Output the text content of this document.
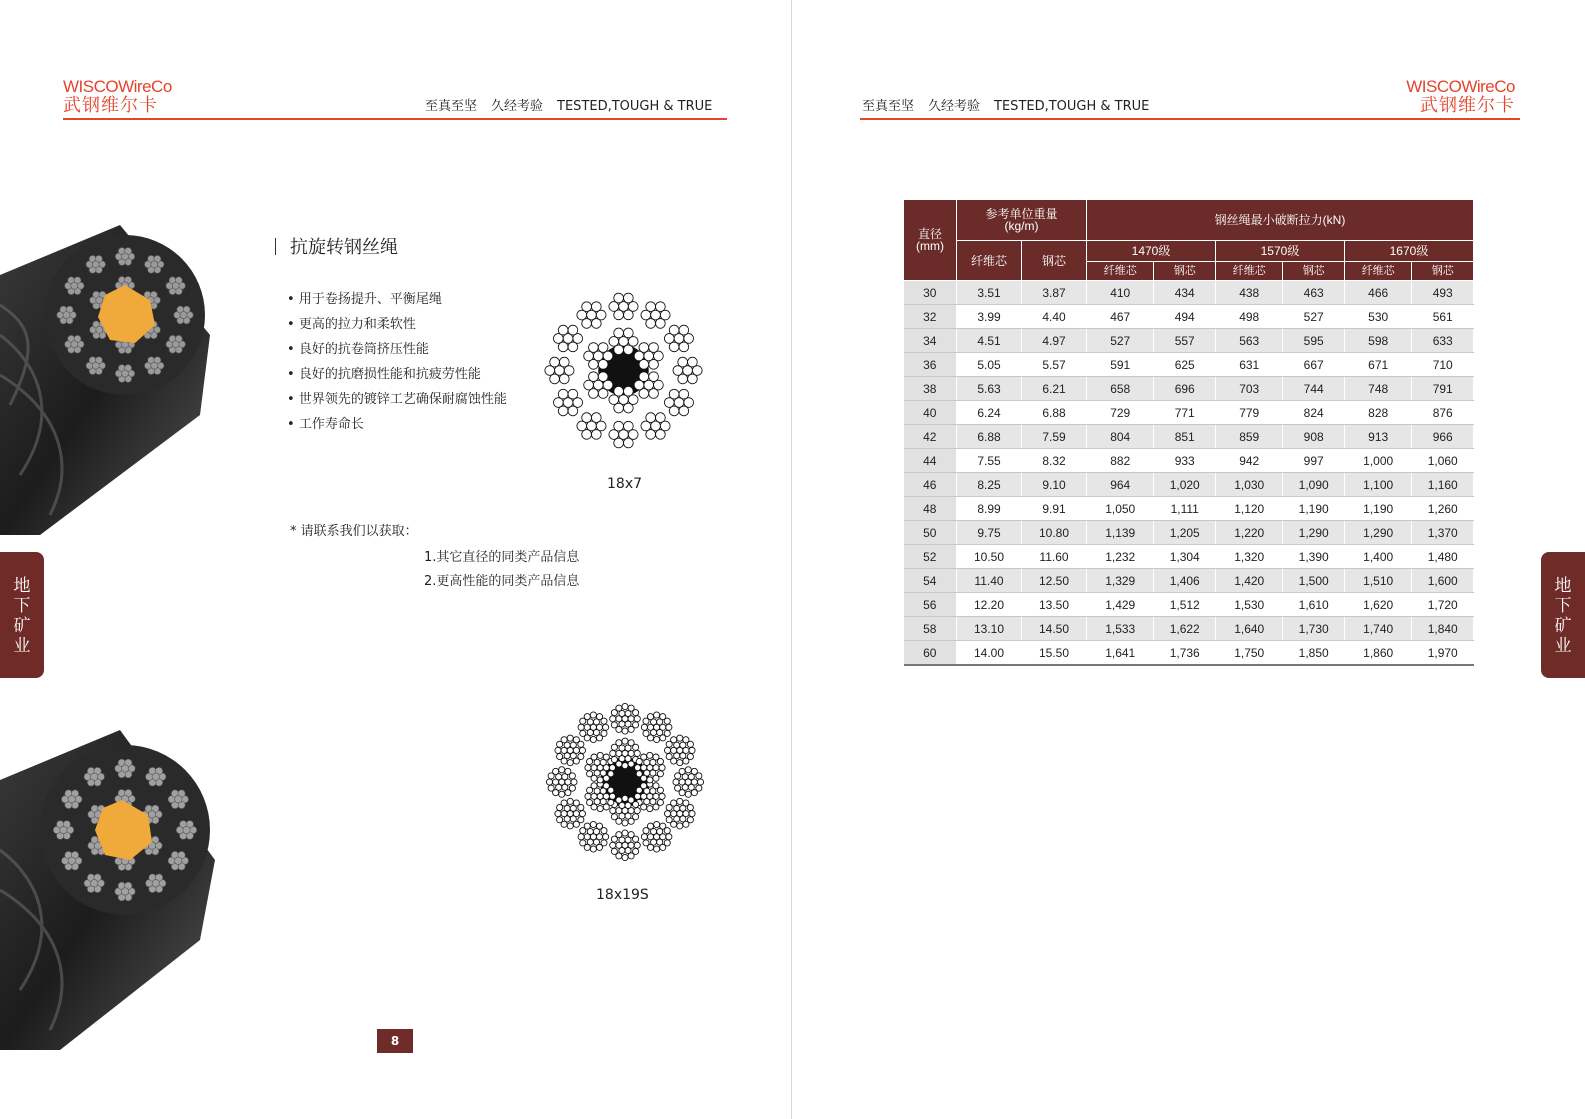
WISCOWireCo
武钢维尔卡	至真至坚 久经考验 TESTED,TOUGH & TRUE	至真至坚 久经考验 TESTED,TOUGH & TRUE
WISCOWireCo
武钢维尔卡
地下矿业
地下矿业
抗旋转钢丝绳
• 用于卷扬提升、平衡尾绳
• 更高的拉力和柔软性
• 良好的抗卷筒挤压性能
• 良好的抗磨损性能和抗疲劳性能
• 世界领先的镀锌工艺确保耐腐蚀性能
• 工作寿命长
* 请联系我们以获取：
1.其它直径的同类产品信息
2.更高性能的同类产品信息
18x7
18x19S
8
直径
(mm)	参考单位重量
(kg/m)		钢丝绳最小破断拉力(kN)					
	纤维芯	钢芯	1470级		1570级		1670级	
			纤维芯	钢芯	纤维芯	钢芯	纤维芯	钢芯
30	3.51	3.87	410	434	438	463	466	493
32	3.99	4.40	467	494	498	527	530	561
34	4.51	4.97	527	557	563	595	598	633
36	5.05	5.57	591	625	631	667	671	710
38	5.63	6.21	658	696	703	744	748	791
40	6.24	6.88	729	771	779	824	828	876
42	6.88	7.59	804	851	859	908	913	966
44	7.55	8.32	882	933	942	997	1,000	1,060
46	8.25	9.10	964	1,020	1,030	1,090	1,100	1,160
48	8.99	9.91	1,050	1,111	1,120	1,190	1,190	1,260
50	9.75	10.80	1,139	1,205	1,220	1,290	1,290	1,370
52	10.50	11.60	1,232	1,304	1,320	1,390	1,400	1,480
54	11.40	12.50	1,329	1,406	1,420	1,500	1,510	1,600
56	12.20	13.50	1,429	1,512	1,530	1,610	1,620	1,720
58	13.10	14.50	1,533	1,622	1,640	1,730	1,740	1,840
60	14.00	15.50	1,641	1,736	1,750	1,850	1,860	1,970
